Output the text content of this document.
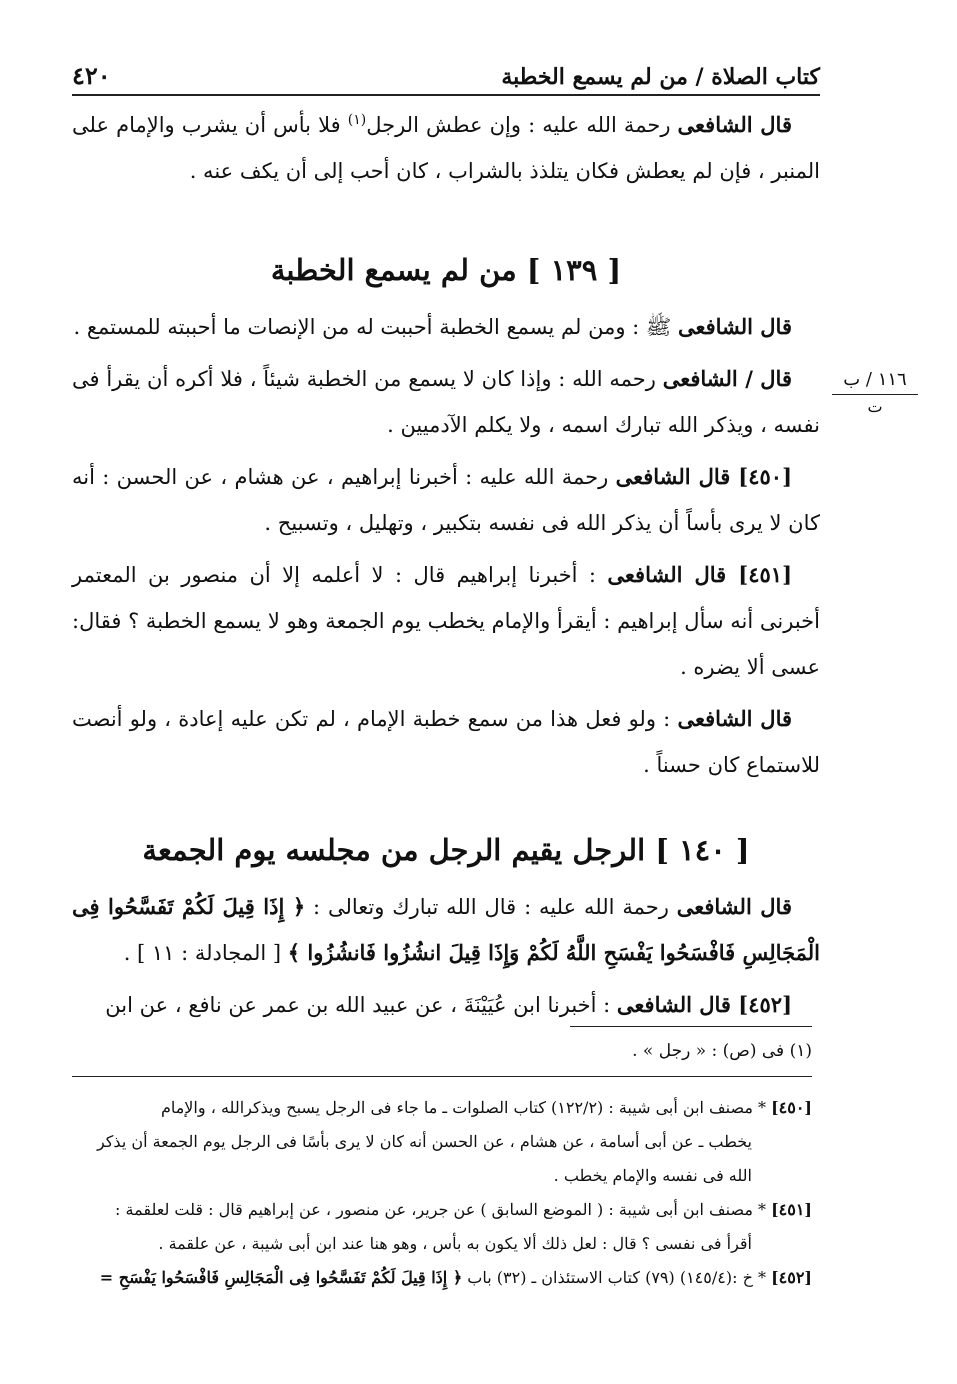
كتاب الصلاة / من لم يسمع الخطبة
٤٢٠
١١٦ / ب
ت

قال الشافعى رحمة الله عليه : وإن عطش الرجل$^{(١)}$ فلا بأس أن يشرب والإمام على المنبر ، فإن لم يعطش فكان يتلذذ بالشراب ، كان أحب إلى أن يكف عنه .

[ ١٣٩ ] من لم يسمع الخطبة

قال الشافعى ﷺ : ومن لم يسمع الخطبة أحببت له من الإنصات ما أحببته للمستمع .

قال / الشافعى رحمه الله : وإذا كان لا يسمع من الخطبة شيئاً ، فلا أكره أن يقرأ فى نفسه ، ويذكر الله تبارك اسمه ، ولا يكلم الآدميين .

[٤٥٠] قال الشافعى رحمة الله عليه : أخبرنا إبراهيم ، عن هشام ، عن الحسن : أنه كان لا يرى بأساً أن يذكر الله فى نفسه بتكبير ، وتهليل ، وتسبيح .

[٤٥١] قال الشافعى : أخبرنا إبراهيم قال : لا أعلمه إلا أن منصور بن المعتمر أخبرنى أنه سأل إبراهيم : أيقرأ والإمام يخطب يوم الجمعة وهو لا يسمع الخطبة ؟ فقال: عسى ألا يضره .

قال الشافعى : ولو فعل هذا من سمع خطبة الإمام ، لم تكن عليه إعادة ، ولو أنصت للاستماع كان حسناً .

[ ١٤٠ ] الرجل يقيم الرجل من مجلسه يوم الجمعة

قال الشافعى رحمة الله عليه : قال الله تبارك وتعالى : ﴿ إِذَا قِيلَ لَكُمْ تَفَسَّحُوا فِى الْمَجَالِسِ فَافْسَحُوا يَفْسَحِ اللَّهُ لَكُمْ وَإِذَا قِيلَ انشُزُوا فَانشُزُوا ﴾ [ المجادلة : ١١ ] .

[٤٥٢] قال الشافعى : أخبرنا ابن عُيَيْنَةَ ، عن عبيد الله بن عمر عن نافع ، عن ابن

(١) فى (ص) : « رجل » .

[٤٥٠] * مصنف ابن أبى شيبة : (١٢٢/٢) كتاب الصلوات ـ ما جاء فى الرجل يسبح ويذكرالله ، والإمام

يخطب ـ عن أبى أسامة ، عن هشام ، عن الحسن أنه كان لا يرى بأسًا فى الرجل يوم الجمعة أن يذكر

الله فى نفسه والإمام يخطب .

[٤٥١] * مصنف ابن أبى شيبة : ( الموضع السابق ) عن جرير، عن منصور ، عن إبراهيم قال : قلت لعلقمة :

أقرأ فى نفسى ؟ قال : لعل ذلك ألا يكون به بأس ، وهو هنا عند ابن أبى شيبة ، عن علقمة .

[٤٥٢] * خ :(١٤٥/٤) (٧٩) كتاب الاستئذان ـ (٣٢) باب ﴿ إِذَا قِيلَ لَكُمْ تَفَسَّحُوا فِى الْمَجَالِسِ فَافْسَحُوا يَفْسَحِ =
